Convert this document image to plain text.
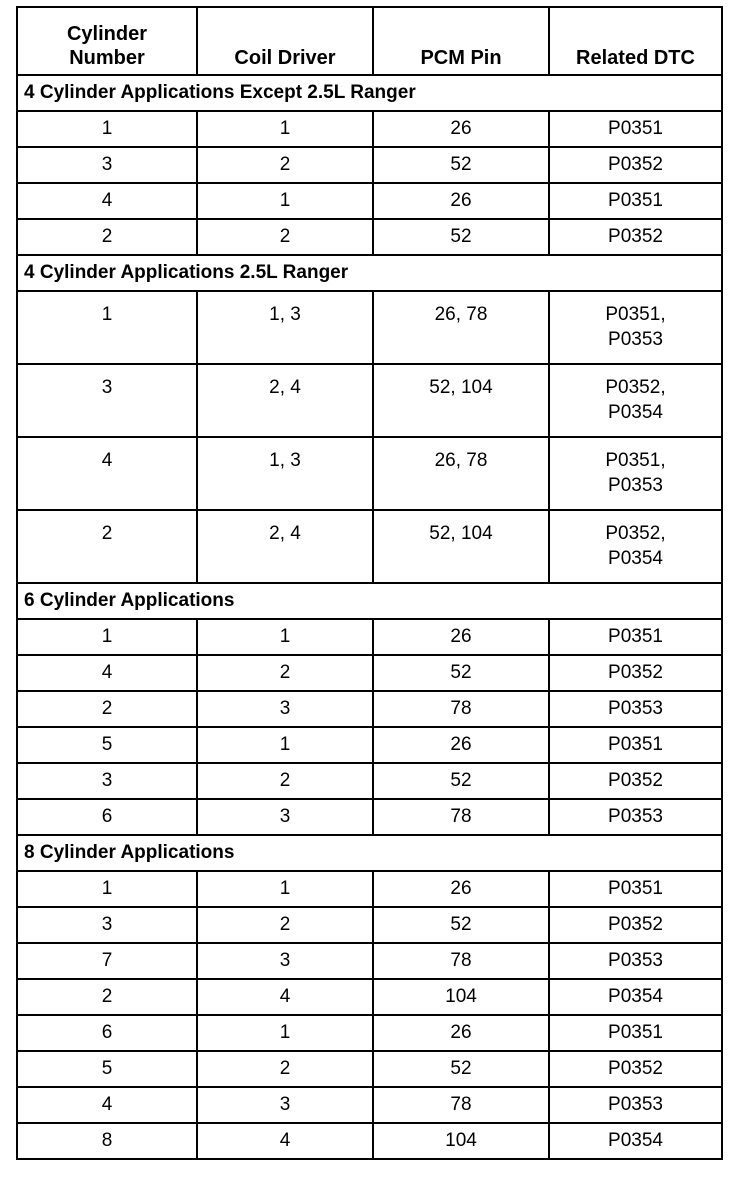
Cylinder
Number	Coil Driver	PCM Pin	Related DTC
4 Cylinder Applications Except 2.5L Ranger			
1	1	26	P0351
3	2	52	P0352
4	1	26	P0351
2	2	52	P0352
4 Cylinder Applications 2.5L Ranger			
1	1, 3	26, 78	P0351,
P0353

3	2, 4	52, 104	P0352,
P0354

4	1, 3	26, 78	P0351,
P0353

2	2, 4	52, 104	P0352,
P0354

6 Cylinder Applications			
1	1	26	P0351
4	2	52	P0352
2	3	78	P0353
5	1	26	P0351
3	2	52	P0352
6	3	78	P0353
8 Cylinder Applications			
1	1	26	P0351
3	2	52	P0352
7	3	78	P0353
2	4	104	P0354
6	1	26	P0351
5	2	52	P0352
4	3	78	P0353
8	4	104	P0354
